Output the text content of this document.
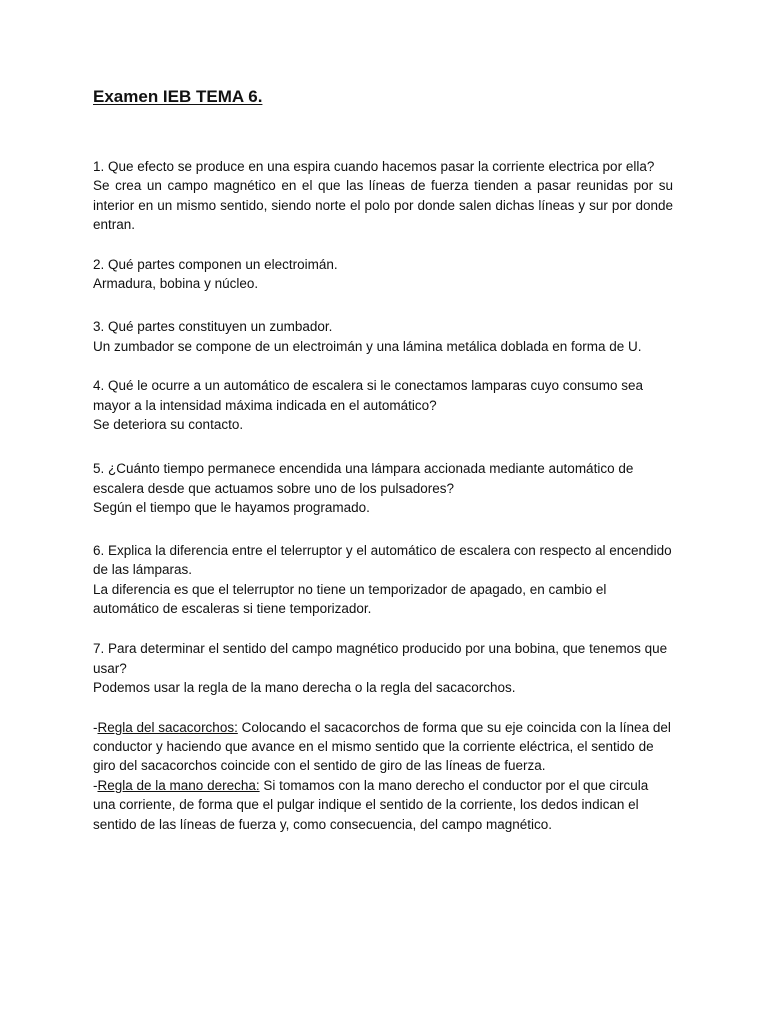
Examen IEB TEMA 6.
1. Que efecto se produce en una espira cuando hacemos pasar la corriente electrica por ella?
Se crea un campo magnético en el que las líneas de fuerza tienden a pasar reunidas por su interior en un mismo sentido, siendo norte el polo por donde salen dichas líneas y sur por donde entran.
2. Qué partes componen un electroimán.
Armadura, bobina y núcleo.
3. Qué partes constituyen un zumbador.
Un zumbador se compone de un electroimán y una lámina metálica doblada en forma de U.
4. Qué le ocurre a un automático de escalera si le conectamos lamparas cuyo consumo sea mayor a la intensidad máxima indicada en el automático?
Se deteriora su contacto.
5. ¿Cuánto tiempo permanece encendida una lámpara accionada mediante automático de escalera desde que actuamos sobre uno de los pulsadores?
Según el tiempo que le hayamos programado.
6. Explica la diferencia entre el telerruptor y el automático de escalera con respecto al encendido de las lámparas.
La diferencia es que el telerruptor no tiene un temporizador de apagado, en cambio el automático de escaleras si tiene temporizador.
7. Para determinar el sentido del campo magnético producido por una bobina, que tenemos que usar?
Podemos usar la regla de la mano derecha o la regla del sacacorchos.
-Regla del sacacorchos: Colocando el sacacorchos de forma que su eje coincida con la línea del conductor y haciendo que avance en el mismo sentido que la corriente eléctrica, el sentido de giro del sacacorchos coincide con el sentido de giro de las líneas de fuerza.
-Regla de la mano derecha: Si tomamos con la mano derecho el conductor por el que circula una corriente, de forma que el pulgar indique el sentido de la corriente, los dedos indican el sentido de las líneas de fuerza y, como consecuencia, del campo magnético.
